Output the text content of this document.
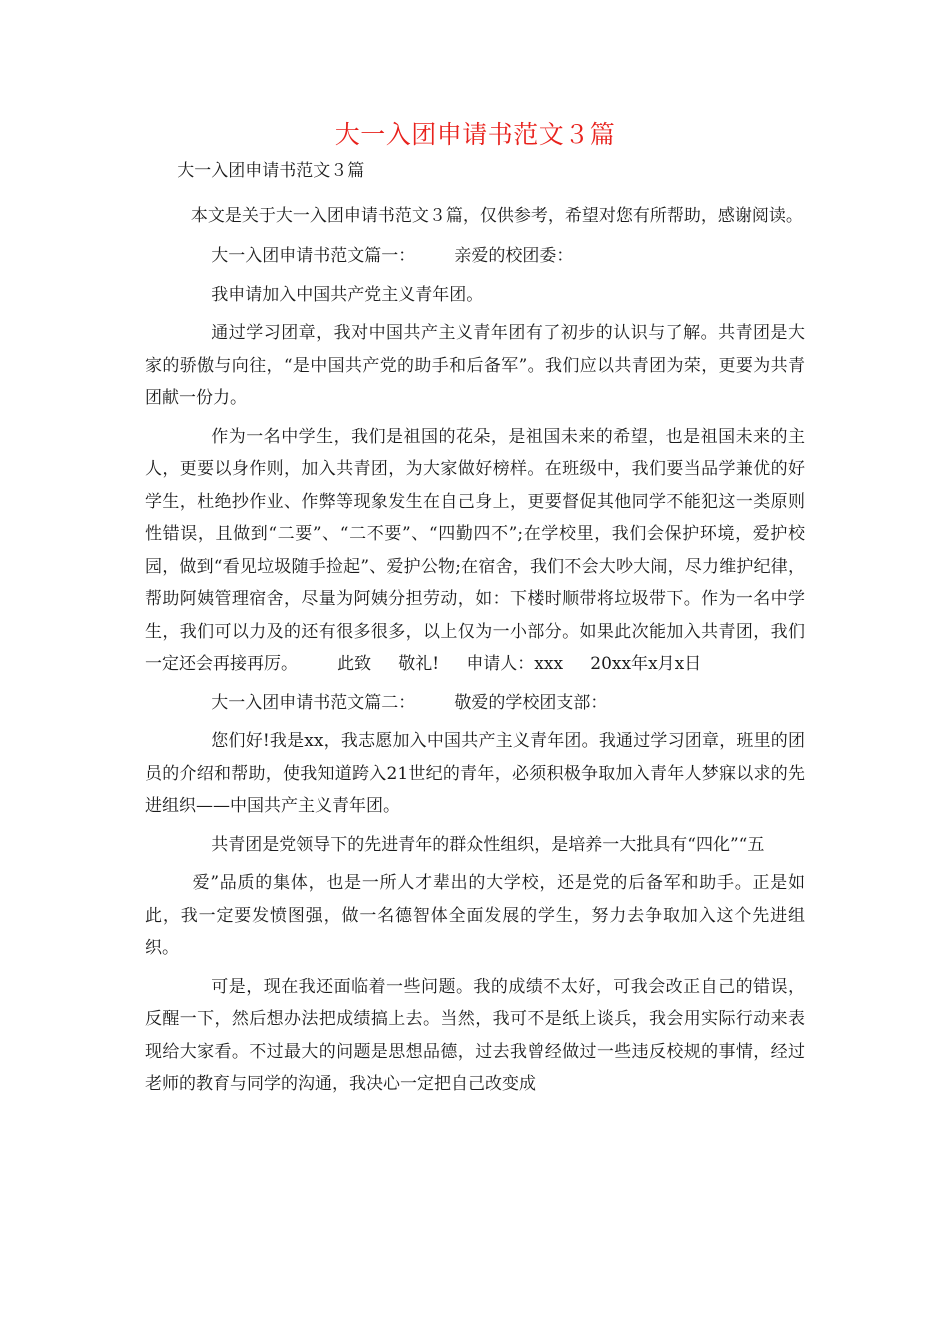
大一入团申请书范文３篇

大一入团申请书范文３篇

本文是关于大一入团申请书范文３篇，仅供参考，希望对您有所帮助，感谢阅读。

大一入团申请书范文篇一： 亲爱的校团委：

我申请加入中国共产党主义青年团。

通过学习团章，我对中国共产主义青年团有了初步的认识与了解。共青团是大家的骄傲与向往，“是中国共产党的助手和后备军”。我们应以共青团为荣，更要为共青团献一份力。

作为一名中学生，我们是祖国的花朵，是祖国未来的希望，也是祖国未来的主人，更要以身作则，加入共青团，为大家做好榜样。在班级中，我们要当品学兼优的好学生，杜绝抄作业、作弊等现象发生在自己身上，更要督促其他同学不能犯这一类原则性错误，且做到“二要”、“二不要”、“四勤四不”;在学校里，我们会保护环境，爱护校园，做到“看见垃圾随手捡起”、爱护公物;在宿舍，我们不会大吵大闹，尽力维护纪律，帮助阿姨管理宿舍，尽量为阿姨分担劳动，如：下楼时顺带将垃圾带下。作为一名中学生，我们可以力及的还有很多很多，以上仅为一小部分。如果此次能加入共青团，我们一定还会再接再厉。 此致 敬礼! 申请人：xxx 20xx年x月x日

大一入团申请书范文篇二： 敬爱的学校团支部：

您们好!我是xx，我志愿加入中国共产主义青年团。我通过学习团章，班里的团员的介绍和帮助，使我知道跨入21世纪的青年，必须积极争取加入青年人梦寐以求的先进组织——中国共产主义青年团。

共青团是党领导下的先进青年的群众性组织，是培养一大批具有“四化”“五

爱”品质的集体，也是一所人才辈出的大学校，还是党的后备军和助手。正是如此，我一定要发愤图强，做一名德智体全面发展的学生，努力去争取加入这个先进组织。

可是，现在我还面临着一些问题。我的成绩不太好，可我会改正自己的错误，反醒一下，然后想办法把成绩搞上去。当然，我可不是纸上谈兵，我会用实际行动来表现给大家看。不过最大的问题是思想品德，过去我曾经做过一些违反校规的事情，经过老师的教育与同学的沟通，我决心一定把自己改变成
